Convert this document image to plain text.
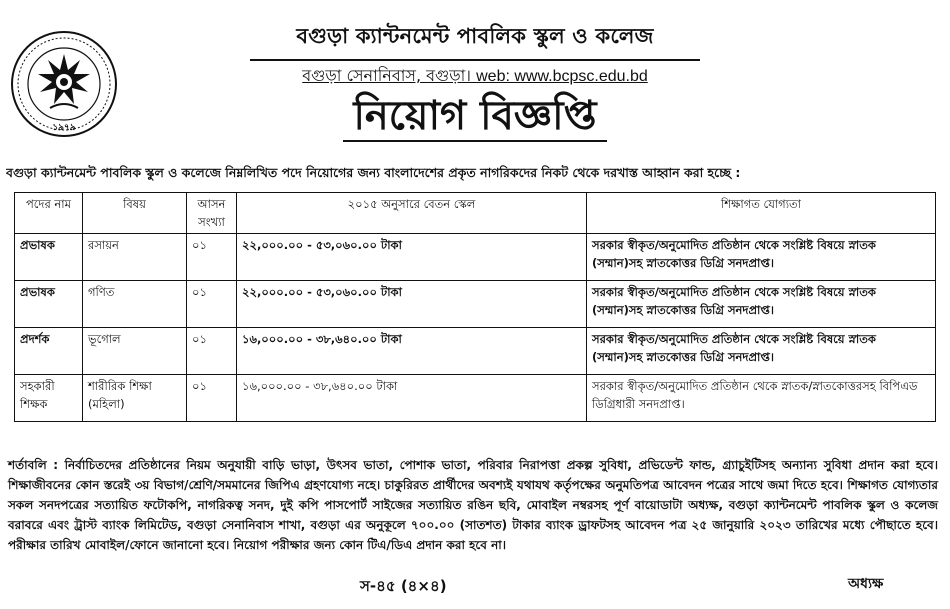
১৯৭৯
বগুড়া ক্যান্টনমেন্ট পাবলিক স্কুল ও কলেজ
বগুড়া সেনানিবাস, বগুড়া। web: www.bcpsc.edu.bd
নিয়োগ বিজ্ঞপ্তি
বগুড়া ক্যান্টনমেন্ট পাবলিক স্কুল ও কলেজে নিম্নলিখিত পদে নিয়োগের জন্য বাংলাদেশের প্রকৃত নাগরিকদের নিকট থেকে দরখাস্ত আহ্বান করা হচ্ছে :
পদের নাম	বিষয়	আসন সংখ্যা	২০১৫ অনুসারে বেতন স্কেল	শিক্ষাগত যোগ্যতা
প্রভাষক	রসায়ন	০১	২২,০০০.০০ - ৫৩,০৬০.০০ টাকা	সরকার স্বীকৃত/অনুমোদিত প্রতিষ্ঠান থেকে সংশ্লিষ্ট বিষয়ে স্নাতক (সম্মান)সহ স্নাতকোত্তর ডিগ্রি সনদপ্রাপ্ত।
প্রভাষক	গণিত	০১	২২,০০০.০০ - ৫৩,০৬০.০০ টাকা	সরকার স্বীকৃত/অনুমোদিত প্রতিষ্ঠান থেকে সংশ্লিষ্ট বিষয়ে স্নাতক (সম্মান)সহ স্নাতকোত্তর ডিগ্রি সনদপ্রাপ্ত।
প্রদর্শক	ভূগোল	০১	১৬,০০০.০০ - ৩৮,৬৪০.০০ টাকা	সরকার স্বীকৃত/অনুমোদিত প্রতিষ্ঠান থেকে সংশ্লিষ্ট বিষয়ে স্নাতক (সম্মান)সহ স্নাতকোত্তর ডিগ্রি সনদপ্রাপ্ত।
সহকারী শিক্ষক	শারীরিক শিক্ষা (মহিলা)	০১	১৬,০০০.০০ - ৩৮,৬৪০.০০ টাকা	সরকার স্বীকৃত/অনুমোদিত প্রতিষ্ঠান থেকে স্নাতক/স্নাতকোত্তরসহ বিপিএড ডিগ্রিধারী সনদপ্রাপ্ত।
শর্তাবলি : নির্বাচিতদের প্রতিষ্ঠানের নিয়ম অনুযায়ী বাড়ি ভাড়া, উৎসব ভাতা, পোশাক ভাতা, পরিবার নিরাপত্তা প্রকল্প সুবিধা, প্রভিডেন্ট ফান্ড, গ্র্যাচুইটিসহ অন্যান্য সুবিধা প্রদান করা হবে। শিক্ষাজীবনের কোন স্তরেই ৩য় বিভাগ/শ্রেণি/সমমানের জিপিএ গ্রহণযোগ্য নহে। চাকুরিরত প্রার্থীদের অবশ্যই যথাযথ কর্তৃপক্ষের অনুমতিপত্র আবেদন পত্রের সাথে জমা দিতে হবে। শিক্ষাগত যোগ্যতার সকল সনদপত্রের সত্যায়িত ফটোকপি, নাগরিকত্ব সনদ, দুই কপি পাসপোর্ট সাইজের সত্যায়িত রঙিন ছবি, মোবাইল নম্বরসহ পূর্ণ বায়োডাটা অধ্যক্ষ, বগুড়া ক্যান্টনমেন্ট পাবলিক স্কুল ও কলেজ বরাবরে এবং ট্রাস্ট ব্যাংক লিমিটেড, বগুড়া সেনানিবাস শাখা, বগুড়া এর অনুকূলে ৭০০.০০ (সাতশত) টাকার ব্যাংক ড্রাফটসহ আবেদন পত্র ২৫ জানুয়ারি ২০২৩ তারিখের মধ্যে পৌছাতে হবে। পরীক্ষার তারিখ মোবাইল/ফোনে জানানো হবে। নিয়োগ পরীক্ষার জন্য কোন টিএ/ডিএ প্রদান করা হবে না।
স-৪৫ (৪×৪)	অধ্যক্ষ
